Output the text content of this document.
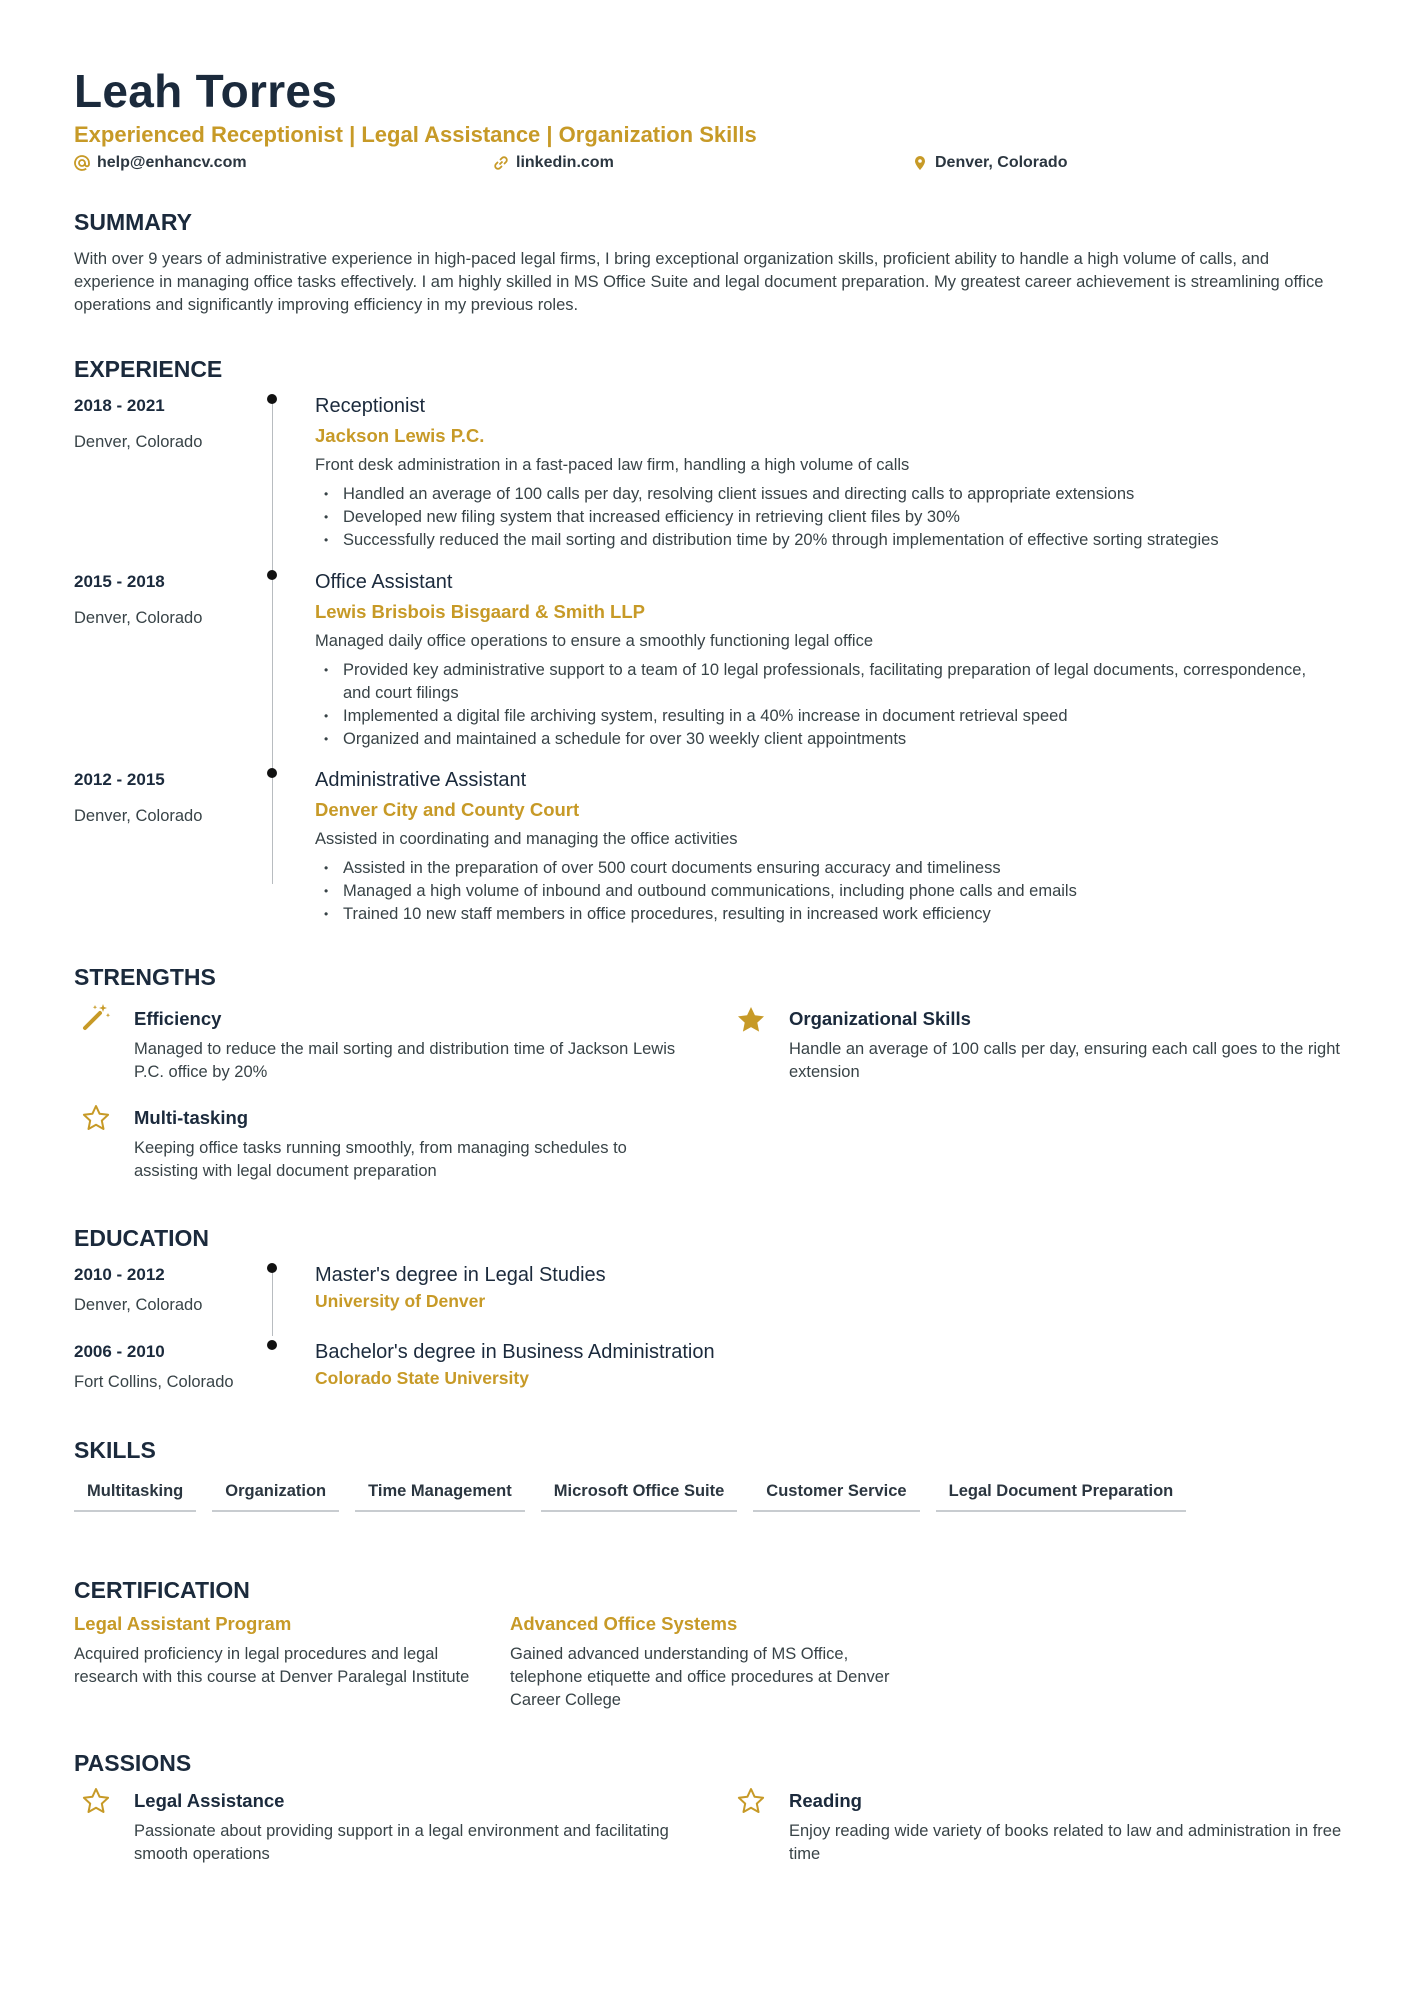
Leah Torres
Experienced Receptionist | Legal Assistance | Organization Skills
help@enhancv.com	linkedin.com	Denver, Colorado
SUMMARY
With over 9 years of administrative experience in high-paced legal firms, I bring exceptional organization skills, proficient ability to handle a high volume of calls, and experience in managing office tasks effectively. I am highly skilled in MS Office Suite and legal document preparation. My greatest career achievement is streamlining office operations and significantly improving efficiency in my previous roles.
EXPERIENCE
2018 - 2021
Denver, Colorado
Receptionist
Jackson Lewis P.C.
Front desk administration in a fast-paced law firm, handling a high volume of calls
• Handled an average of 100 calls per day, resolving client issues and directing calls to appropriate extensions
• Developed new filing system that increased efficiency in retrieving client files by 30%
• Successfully reduced the mail sorting and distribution time by 20% through implementation of effective sorting strategies
2015 - 2018
Denver, Colorado
Office Assistant
Lewis Brisbois Bisgaard & Smith LLP
Managed daily office operations to ensure a smoothly functioning legal office
• Provided key administrative support to a team of 10 legal professionals, facilitating preparation of legal documents, correspondence, and court filings
• Implemented a digital file archiving system, resulting in a 40% increase in document retrieval speed
• Organized and maintained a schedule for over 30 weekly client appointments
2012 - 2015
Denver, Colorado
Administrative Assistant
Denver City and County Court
Assisted in coordinating and managing the office activities
• Assisted in the preparation of over 500 court documents ensuring accuracy and timeliness
• Managed a high volume of inbound and outbound communications, including phone calls and emails
• Trained 10 new staff members in office procedures, resulting in increased work efficiency
STRENGTHS
Efficiency
Managed to reduce the mail sorting and distribution time of Jackson Lewis P.C. office by 20%
Organizational Skills
Handle an average of 100 calls per day, ensuring each call goes to the right extension
Multi-tasking
Keeping office tasks running smoothly, from managing schedules to assisting with legal document preparation
EDUCATION
2010 - 2012
Denver, Colorado
Master's degree in Legal Studies
University of Denver
2006 - 2010
Fort Collins, Colorado
Bachelor's degree in Business Administration
Colorado State University
SKILLS
Multitasking	Organization	Time Management	Microsoft Office Suite	Customer Service	Legal Document Preparation
CERTIFICATION
Legal Assistant Program
Acquired proficiency in legal procedures and legal research with this course at Denver Paralegal Institute
Advanced Office Systems
Gained advanced understanding of MS Office, telephone etiquette and office procedures at Denver Career College
PASSIONS
Legal Assistance
Passionate about providing support in a legal environment and facilitating smooth operations
Reading
Enjoy reading wide variety of books related to law and administration in free time
